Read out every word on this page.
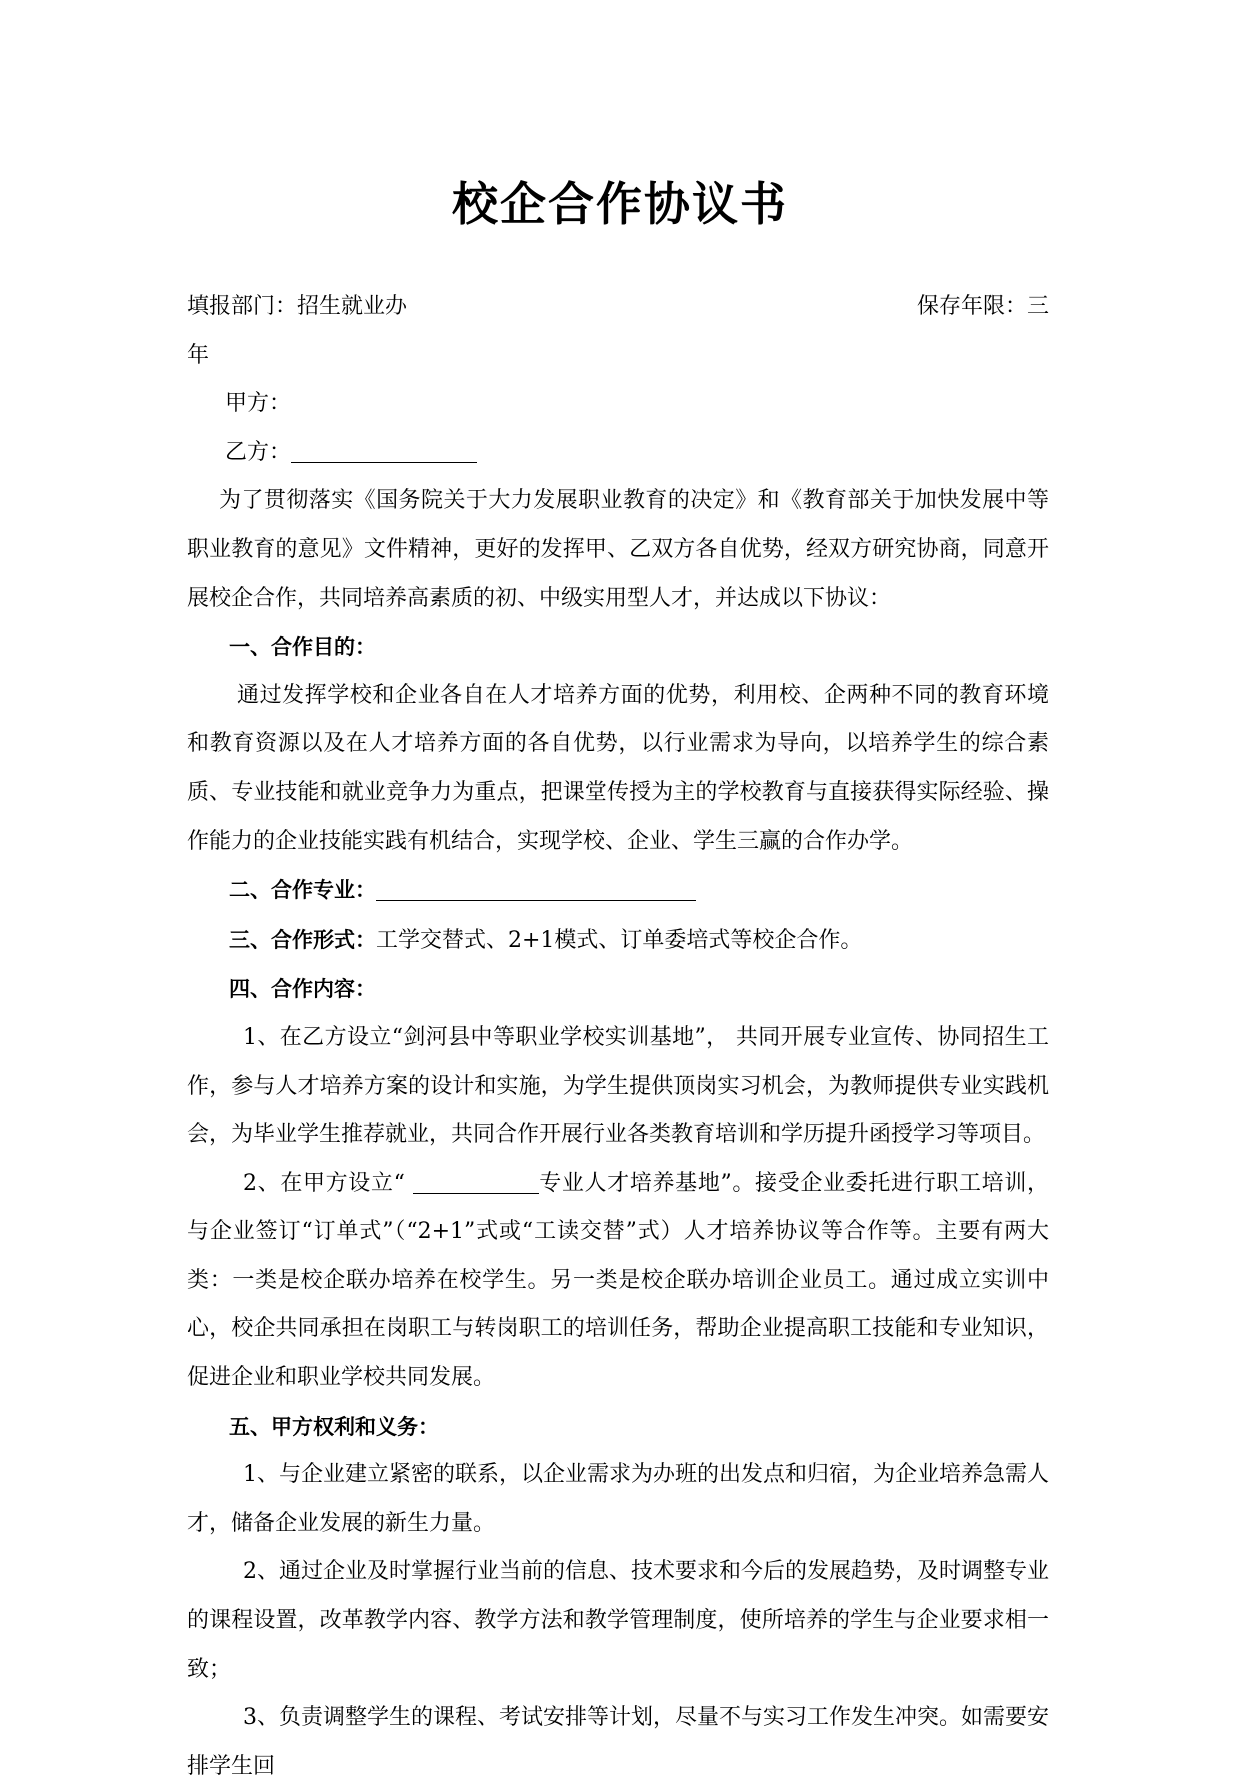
校企合作协议书
填报部门：招生就业办	保存年限：三
年
甲方：
乙方：
为了贯彻落实《国务院关于大力发展职业教育的决定》和《教育部关于加快发展中等职业教育的意见》文件精神，更好的发挥甲、乙双方各自优势，经双方研究协商，同意开展校企合作，共同培养高素质的初、中级实用型人才，并达成以下协议：
一、合作目的：
通过发挥学校和企业各自在人才培养方面的优势，利用校、企两种不同的教育环境和教育资源以及在人才培养方面的各自优势，以行业需求为导向，以培养学生的综合素质、专业技能和就业竞争力为重点，把课堂传授为主的学校教育与直接获得实际经验、操作能力的企业技能实践有机结合，实现学校、企业、学生三赢的合作办学。
二、合作专业：
三、合作形式：工学交替式、2+1模式、订单委培式等校企合作。
四、合作内容：
1、在乙方设立“剑河县中等职业学校实训基地”， 共同开展专业宣传、协同招生工作，参与人才培养方案的设计和实施，为学生提供顶岗实习机会，为教师提供专业实践机会，为毕业学生推荐就业，共同合作开展行业各类教育培训和学历提升函授学习等项目。
2、在甲方设立“	专业人才培养基地”。接受企业委托进行职工培训，与企业签订“订单式”（“2+1”式或“工读交替”式）人才培养协议等合作等。主要有两大类：一类是校企联办培养在校学生。另一类是校企联办培训企业员工。通过成立实训中心，校企共同承担在岗职工与转岗职工的培训任务，帮助企业提高职工技能和专业知识，促进企业和职业学校共同发展。
五、甲方权利和义务：
1、与企业建立紧密的联系，以企业需求为办班的出发点和归宿，为企业培养急需人才，储备企业发展的新生力量。
2、通过企业及时掌握行业当前的信息、技术要求和今后的发展趋势，及时调整专业的课程设置，改革教学内容、教学方法和教学管理制度，使所培养的学生与企业要求相一致；
3、负责调整学生的课程、考试安排等计划，尽量不与实习工作发生冲突。如需要安排学生回
